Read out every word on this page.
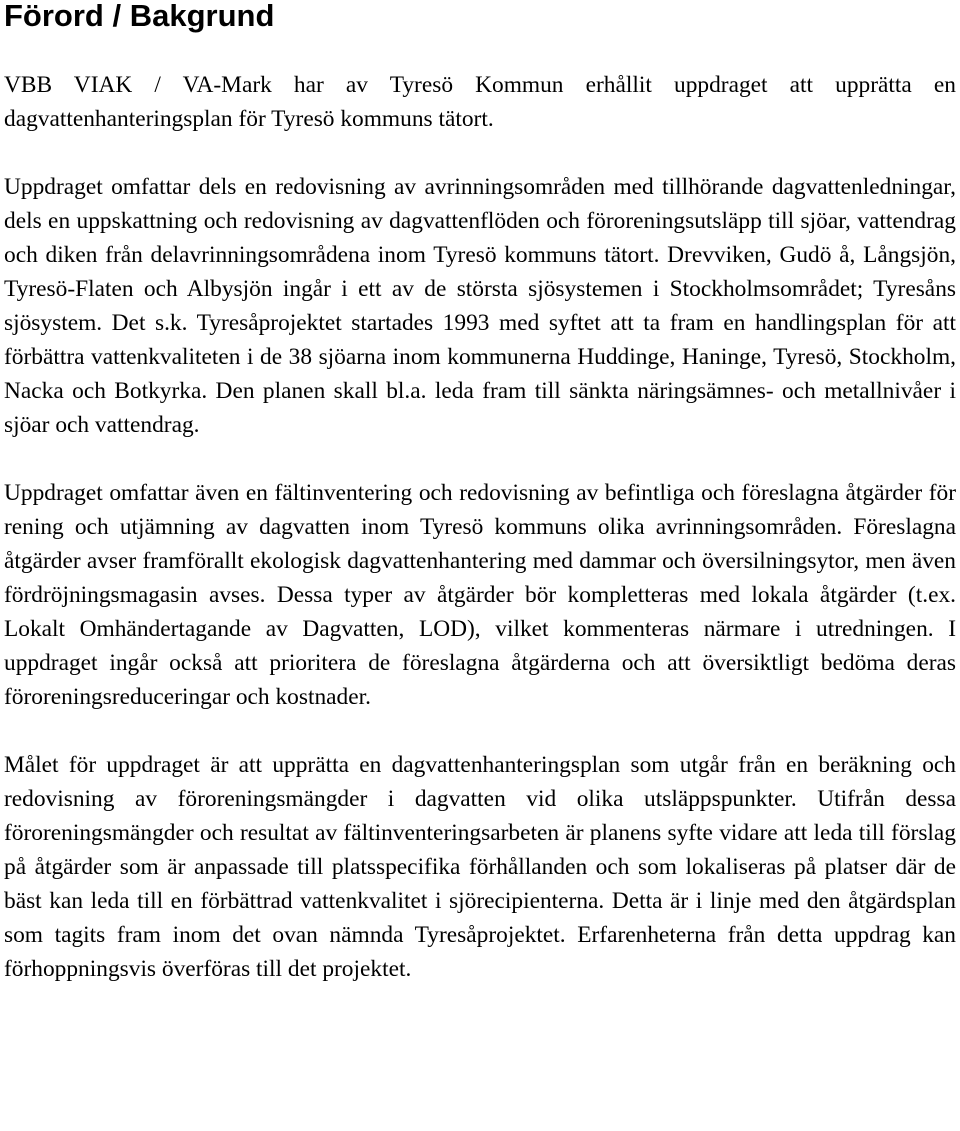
Förord / Bakgrund

VBB VIAK / VA-Mark har av Tyresö Kommun erhållit uppdraget att upprätta en dagvattenhanteringsplan för Tyresö kommuns tätort.

Uppdraget omfattar dels en redovisning av avrinningsområden med tillhörande dagvattenledningar, dels en uppskattning och redovisning av dagvattenflöden och föroreningsutsläpp till sjöar, vattendrag och diken från delavrinningsområdena inom Tyresö kommuns tätort. Drevviken, Gudö å, Långsjön, Tyresö-Flaten och Albysjön ingår i ett av de största sjösystemen i Stockholmsområdet; Tyresåns sjösystem. Det s.k. Tyresåprojektet startades 1993 med syftet att ta fram en handlingsplan för att förbättra vattenkvaliteten i de 38 sjöarna inom kommunerna Huddinge, Haninge, Tyresö, Stockholm, Nacka och Botkyrka. Den planen skall bl.a. leda fram till sänkta näringsämnes- och metallnivåer i sjöar och vattendrag.

Uppdraget omfattar även en fältinventering och redovisning av befintliga och föreslagna åtgärder för rening och utjämning av dagvatten inom Tyresö kommuns olika avrinningsområden. Föreslagna åtgärder avser framförallt ekologisk dagvattenhantering med dammar och översilningsytor, men även fördröjningsmagasin avses. Dessa typer av åtgärder bör kompletteras med lokala åtgärder (t.ex. Lokalt Omhändertagande av Dagvatten, LOD), vilket kommenteras närmare i utredningen. I uppdraget ingår också att prioritera de föreslagna åtgärderna och att översiktligt bedöma deras föroreningsreduceringar och kostnader.

Målet för uppdraget är att upprätta en dagvattenhanteringsplan som utgår från en beräkning och redovisning av föroreningsmängder i dagvatten vid olika utsläppspunkter. Utifrån dessa föroreningsmängder och resultat av fältinventeringsarbeten är planens syfte vidare att leda till förslag på åtgärder som är anpassade till platsspecifika förhållanden och som lokaliseras på platser där de bäst kan leda till en förbättrad vattenkvalitet i sjörecipienterna. Detta är i linje med den åtgärdsplan som tagits fram inom det ovan nämnda Tyresåprojektet. Erfarenheterna från detta uppdrag kan förhoppningsvis överföras till det projektet.
